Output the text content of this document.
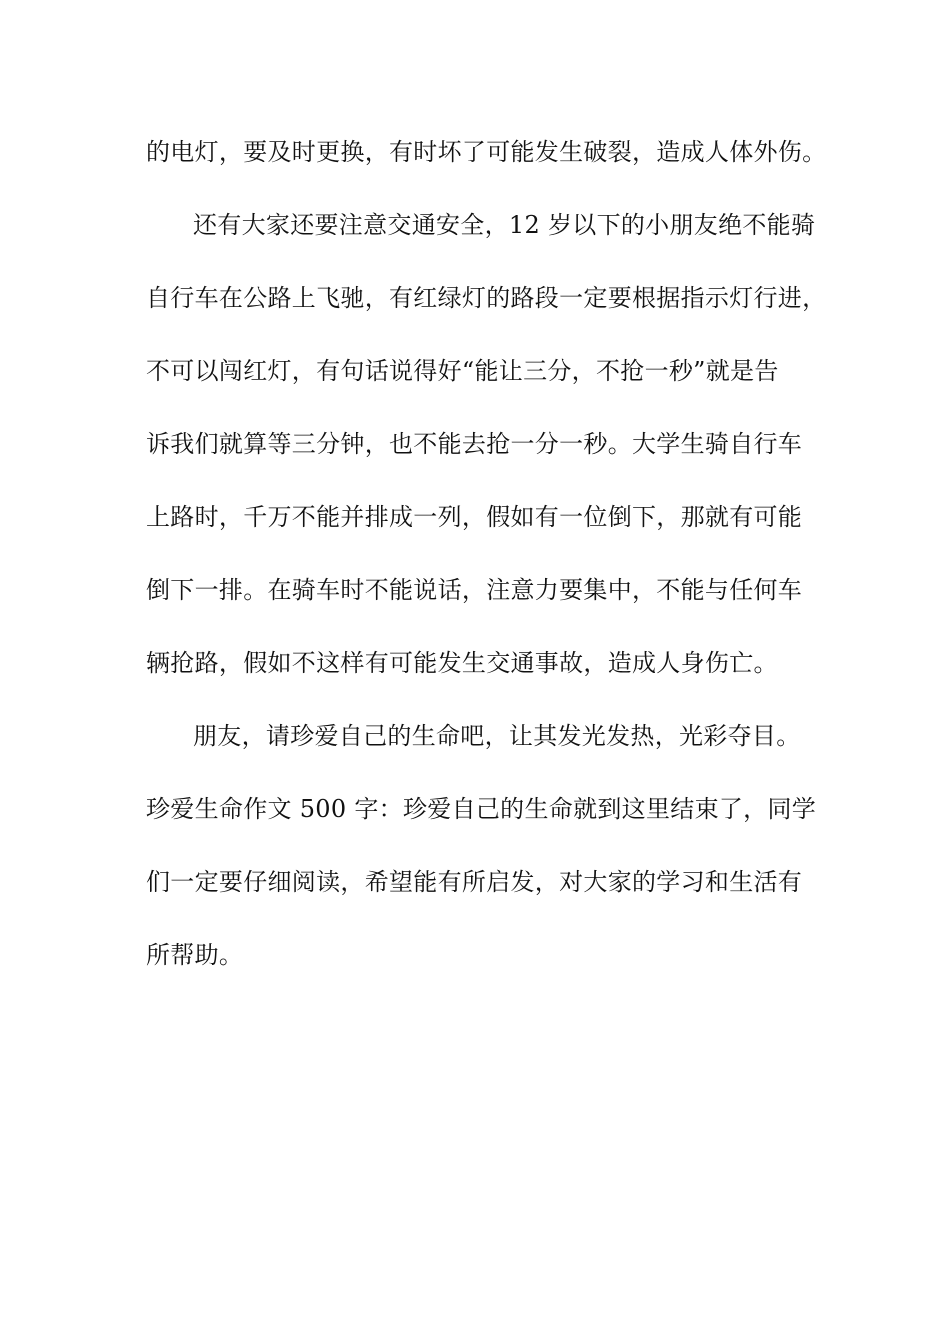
的电灯，要及时更换，有时坏了可能发生破裂，造成人体外伤。
还有大家还要注意交通安全，12 岁以下的小朋友绝不能骑
自行车在公路上飞驰，有红绿灯的路段一定要根据指示灯行进，
不可以闯红灯，有句话说得好“能让三分，不抢一秒”就是告
诉我们就算等三分钟，也不能去抢一分一秒。大学生骑自行车
上路时，千万不能并排成一列，假如有一位倒下，那就有可能
倒下一排。在骑车时不能说话，注意力要集中，不能与任何车
辆抢路，假如不这样有可能发生交通事故，造成人身伤亡。
朋友，请珍爱自己的生命吧，让其发光发热，光彩夺目。
珍爱生命作文 500 字：珍爱自己的生命就到这里结束了，同学
们一定要仔细阅读，希望能有所启发，对大家的学习和生活有
所帮助。
